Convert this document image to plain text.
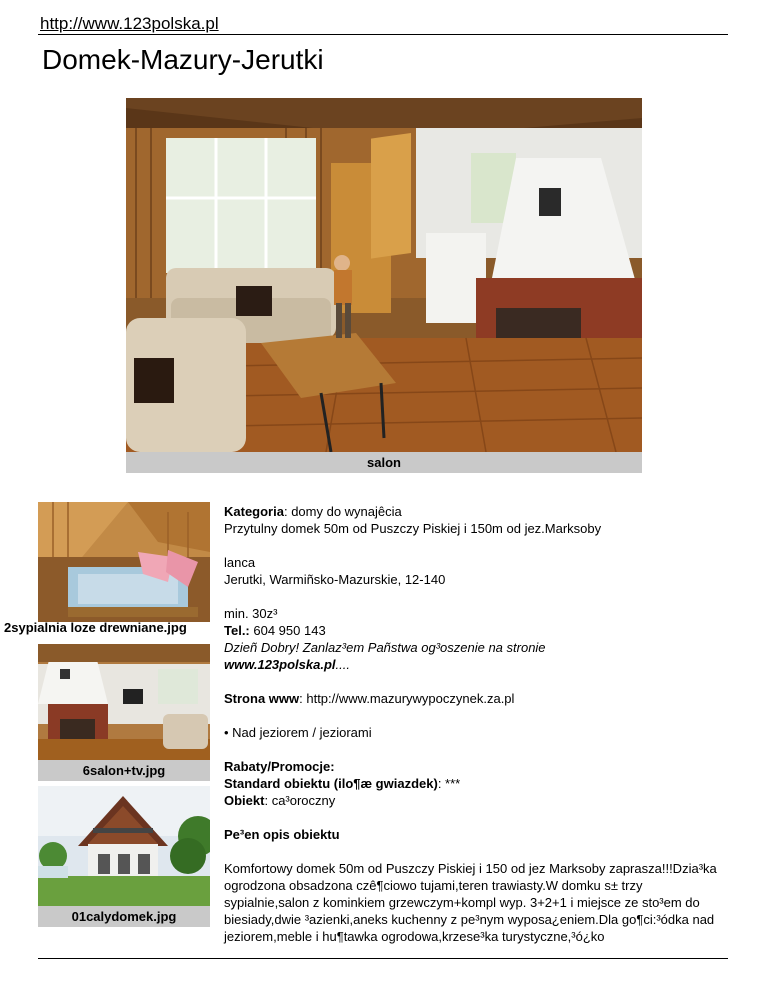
http://www.123polska.pl
Domek-Mazury-Jerutki
salon
2sypialnia loze drewniane.jpg
6salon+tv.jpg
01calydomek.jpg

Kategoria: domy do wynajêcia

Przytulny domek 50m od Puszczy Piskiej i 150m od jez.Marksoby

lanca

Jerutki, Warmiñsko-Mazurskie, 12-140

min. 30z³

Tel.: 604 950 143

Dzieñ Dobry! Zanlaz³em Pañstwa og³oszenie na stronie

www.123polska.pl....

Strona www: http://www.mazurywypoczynek.za.pl

• Nad jeziorem / jeziorami

Rabaty/Promocje:

Standard obiektu (ilo¶æ gwiazdek): ***

Obiekt: ca³oroczny

Pe³en opis obiektu

Komfortowy domek 50m od Puszczy Piskiej i 150 od jez Marksoby zaprasza!!!Dzia³ka ogrodzona obsadzona czê¶ciowo tujami,teren trawiasty.W domku s± trzy sypialnie,salon z kominkiem grzewczym+kompl wyp. 3+2+1 i miejsce ze sto³em do biesiady,dwie ³azienki,aneks kuchenny z pe³nym wyposa¿eniem.Dla go¶ci:³ódka nad jeziorem,meble i hu¶tawka ogrodowa,krzese³ka turystyczne,³ó¿ko
